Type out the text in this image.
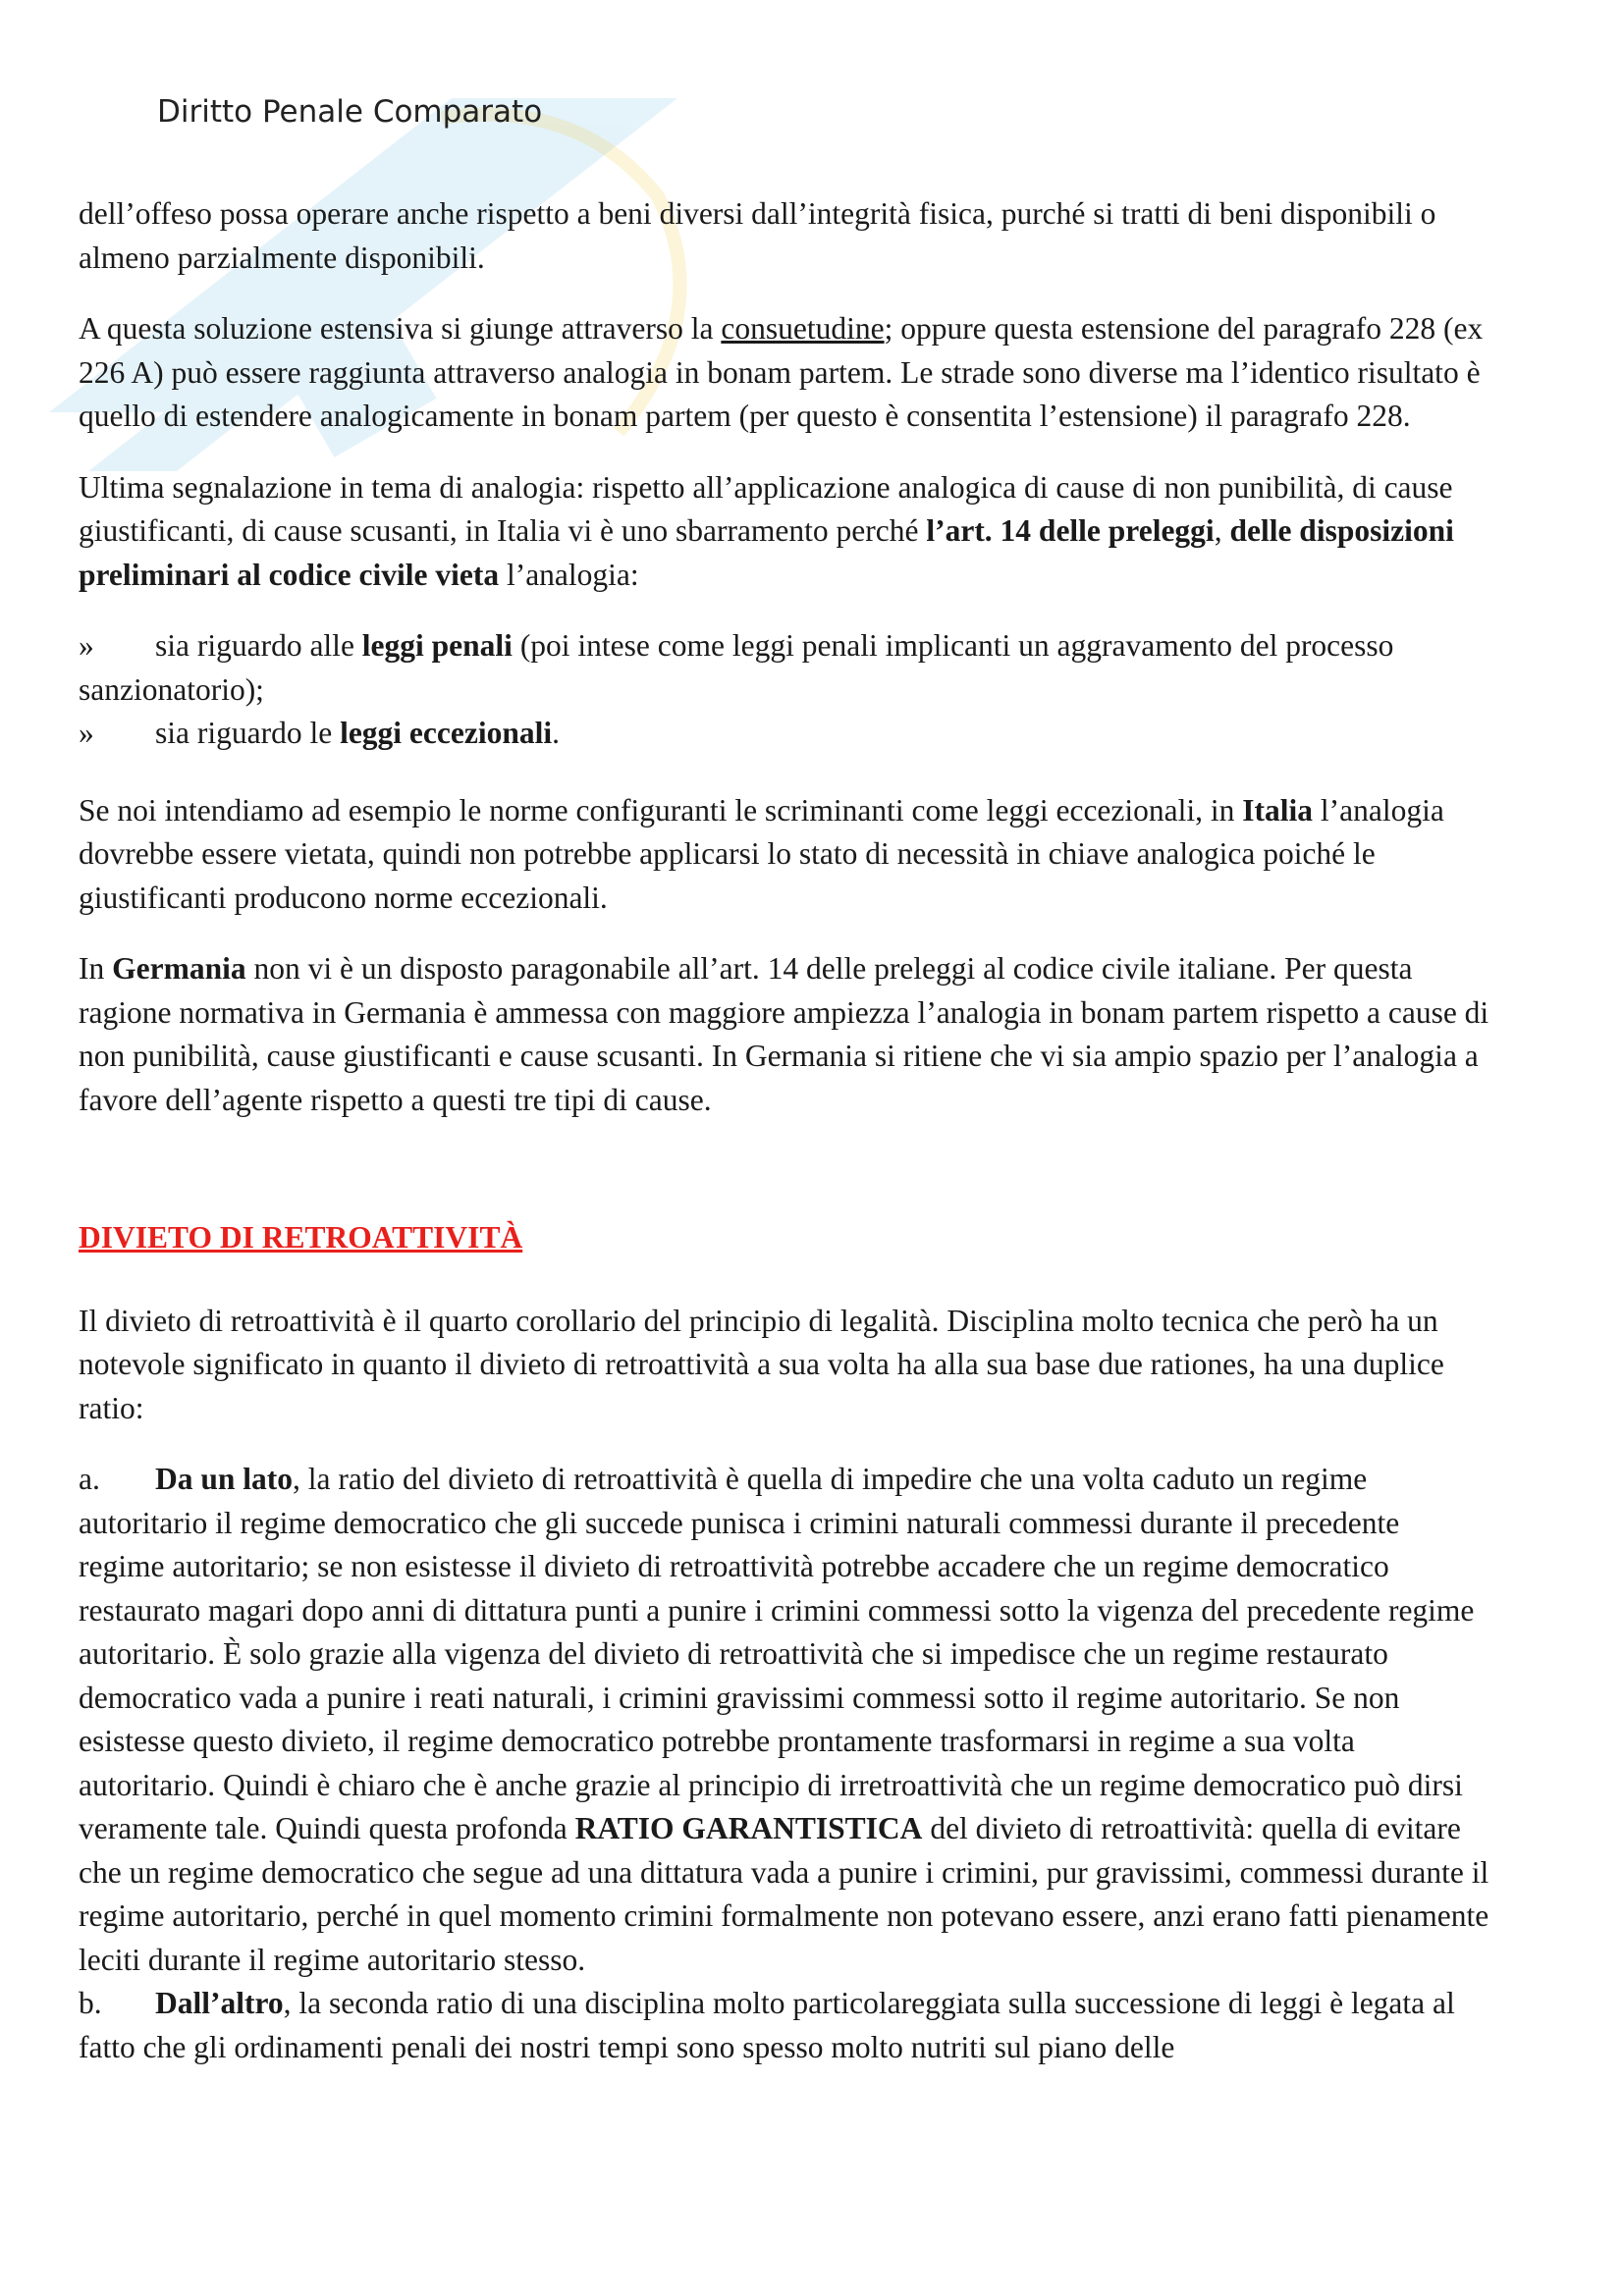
Diritto Penale Comparato

dell’offeso possa operare anche rispetto a beni diversi dall’integrità fisica, purché si tratti di beni disponibili o almeno parzialmente disponibili.

A questa soluzione estensiva si giunge attraverso la consuetudine; oppure questa estensione del paragrafo 228 (ex 226 A) può essere raggiunta attraverso analogia in bonam partem. Le strade sono diverse ma l’identico risultato è quello di estendere analogicamente in bonam partem (per questo è consentita l’estensione) il paragrafo 228.

Ultima segnalazione in tema di analogia: rispetto all’applicazione analogica di cause di non punibilità, di cause giustificanti, di cause scusanti, in Italia vi è uno sbarramento perché l’art. 14 delle preleggi, delle disposizioni preliminari al codice civile vieta l’analogia:

» sia riguardo alle leggi penali (poi intese come leggi penali implicanti un aggravamento del processo sanzionatorio);
» sia riguardo le leggi eccezionali.

Se noi intendiamo ad esempio le norme configuranti le scriminanti come leggi eccezionali, in Italia l’analogia dovrebbe essere vietata, quindi non potrebbe applicarsi lo stato di necessità in chiave analogica poiché le giustificanti producono norme eccezionali.

In Germania non vi è un disposto paragonabile all’art. 14 delle preleggi al codice civile italiane. Per questa ragione normativa in Germania è ammessa con maggiore ampiezza l’analogia in bonam partem rispetto a cause di non punibilità, cause giustificanti e cause scusanti. In Germania si ritiene che vi sia ampio spazio per l’analogia a favore dell’agente rispetto a questi tre tipi di cause.

DIVIETO DI RETROATTIVITÀ

Il divieto di retroattività è il quarto corollario del principio di legalità. Disciplina molto tecnica che però ha un notevole significato in quanto il divieto di retroattività a sua volta ha alla sua base due rationes, ha una duplice ratio:

a. Da un lato, la ratio del divieto di retroattività è quella di impedire che una volta caduto un regime autoritario il regime democratico che gli succede punisca i crimini naturali commessi durante il precedente regime autoritario; se non esistesse il divieto di retroattività potrebbe accadere che un regime democratico restaurato magari dopo anni di dittatura punti a punire i crimini commessi sotto la vigenza del precedente regime autoritario. È solo grazie alla vigenza del divieto di retroattività che si impedisce che un regime restaurato democratico vada a punire i reati naturali, i crimini gravissimi commessi sotto il regime autoritario. Se non esistesse questo divieto, il regime democratico potrebbe prontamente trasformarsi in regime a sua volta autoritario. Quindi è chiaro che è anche grazie al principio di irretroattività che un regime democratico può dirsi veramente tale. Quindi questa profonda RATIO GARANTISTICA del divieto di retroattività: quella di evitare che un regime democratico che segue ad una dittatura vada a punire i crimini, pur gravissimi, commessi durante il regime autoritario, perché in quel momento crimini formalmente non potevano essere, anzi erano fatti pienamente leciti durante il regime autoritario stesso.
b. Dall’altro, la seconda ratio di una disciplina molto particolareggiata sulla successione di leggi è legata al fatto che gli ordinamenti penali dei nostri tempi sono spesso molto nutriti sul piano delle
